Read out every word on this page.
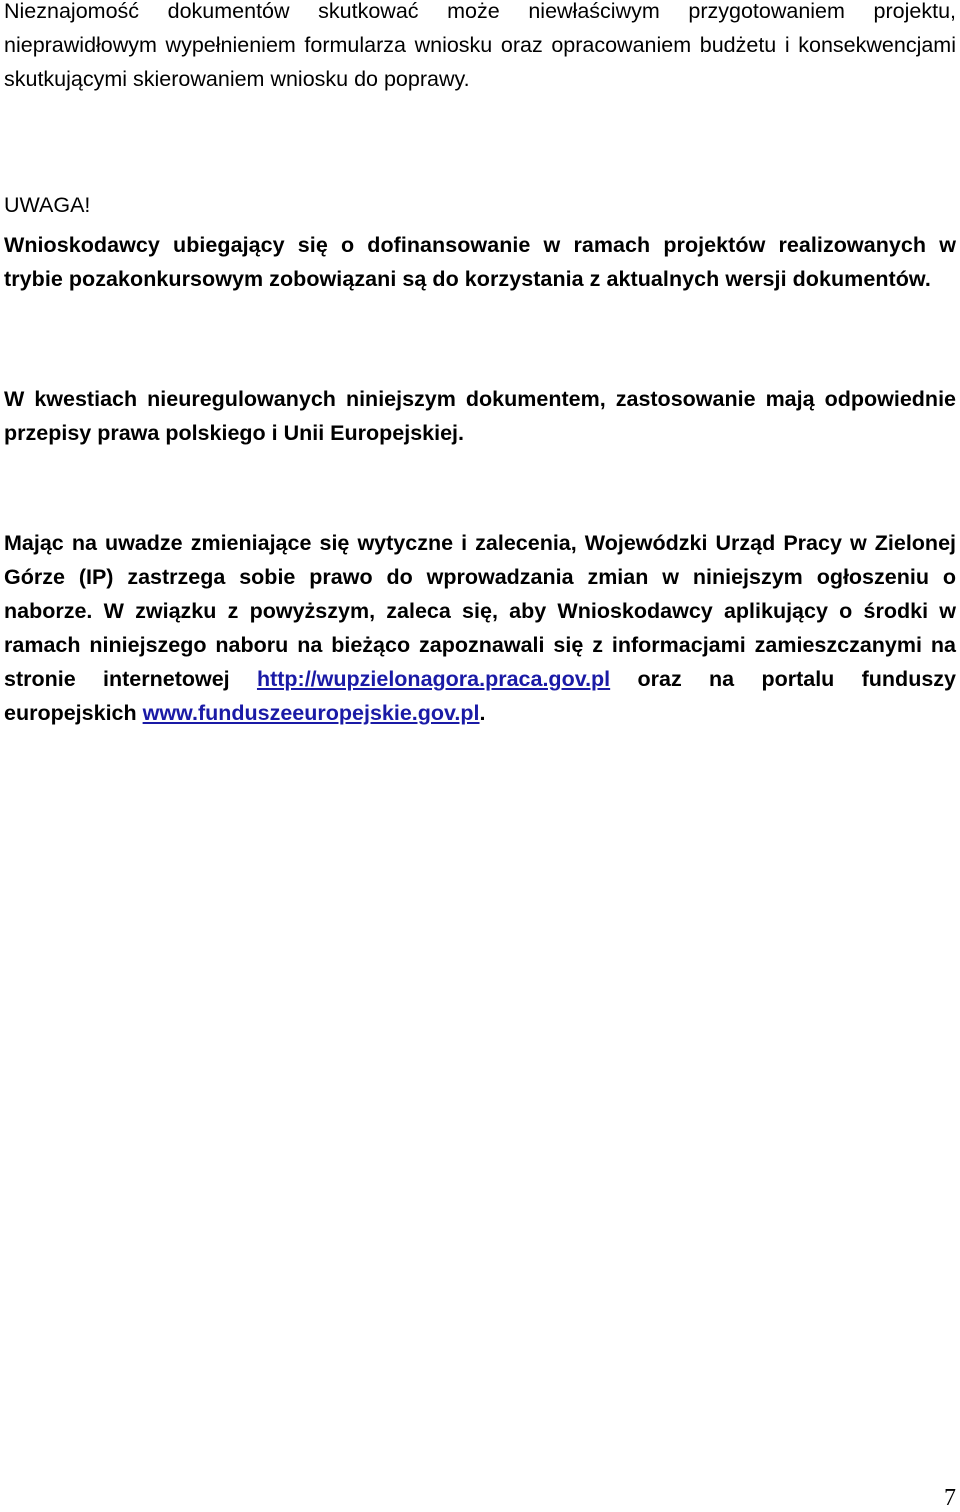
Nieznajomość dokumentów skutkować może niewłaściwym przygotowaniem projektu, nieprawidłowym wypełnieniem formularza wniosku oraz opracowaniem budżetu i konsekwencjami skutkującymi skierowaniem wniosku do poprawy.

UWAGA!

Wnioskodawcy ubiegający się o dofinansowanie w ramach projektów realizowanych w trybie pozakonkursowym zobowiązani są do korzystania z aktualnych wersji dokumentów.

W kwestiach nieuregulowanych niniejszym dokumentem, zastosowanie mają odpowiednie przepisy prawa polskiego i Unii Europejskiej.

Mając na uwadze zmieniające się wytyczne i zalecenia, Wojewódzki Urząd Pracy w Zielonej Górze (IP) zastrzega sobie prawo do wprowadzania zmian w niniejszym ogłoszeniu o naborze. W związku z powyższym, zaleca się, aby Wnioskodawcy aplikujący o środki w ramach niniejszego naboru na bieżąco zapoznawali się z informacjami zamieszczanymi na stronie internetowej http://wupzielonagora.praca.gov.pl oraz na portalu funduszy europejskich www.funduszeeuropejskie.gov.pl.

7
